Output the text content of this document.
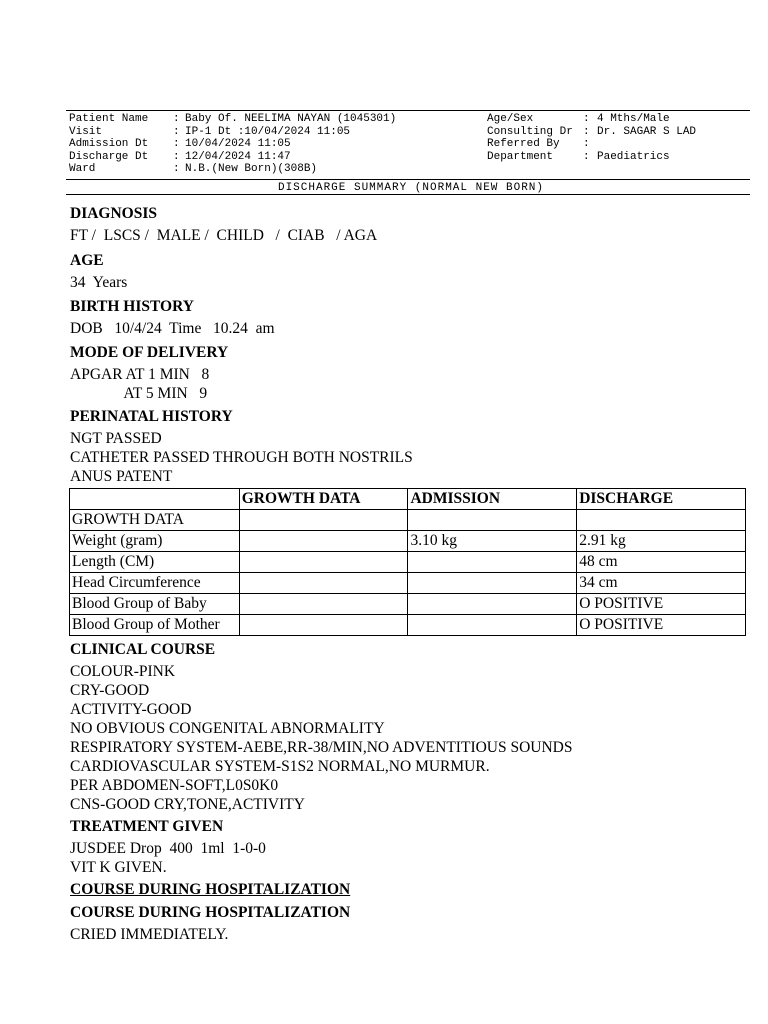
Patient Name	: Baby Of. NEELIMA NAYAN (1045301)	Age/Sex	: 4 Mths/Male
Visit	: IP-1 Dt :10/04/2024 11:05	Consulting Dr : Dr. SAGAR S LAD
Admission Dt	: 10/04/2024 11:05	Referred By	:
Discharge Dt	: 12/04/2024 11:47	Department	: Paediatrics
Ward	: N.B.(New Born)(308B)
DISCHARGE SUMMARY (NORMAL NEW BORN)
DIAGNOSIS
FT /  LSCS /  MALE /  CHILD   /  CIAB   / AGA
AGE
34  Years
BIRTH HISTORY
DOB   10/4/24  Time   10.24  am
MODE OF DELIVERY
APGAR AT 1 MIN   8
AT 5 MIN   9
PERINATAL HISTORY
NGT PASSED
CATHETER PASSED THROUGH BOTH NOSTRILS
ANUS PATENT
	GROWTH DATA	ADMISSION	DISCHARGE
GROWTH DATA			
Weight (gram)		3.10 kg	2.91 kg
Length (CM)			48 cm
Head Circumference			34 cm
Blood Group of Baby			O POSITIVE
Blood Group of Mother			O POSITIVE
CLINICAL COURSE
COLOUR-PINK
CRY-GOOD
ACTIVITY-GOOD
NO OBVIOUS CONGENITAL ABNORMALITY
RESPIRATORY SYSTEM-AEBE,RR-38/MIN,NO ADVENTITIOUS SOUNDS
CARDIOVASCULAR SYSTEM-S1S2 NORMAL,NO MURMUR.
PER ABDOMEN-SOFT,L0S0K0
CNS-GOOD CRY,TONE,ACTIVITY
TREATMENT GIVEN
JUSDEE Drop  400  1ml  1-0-0
VIT K GIVEN.
COURSE DURING HOSPITALIZATION
COURSE DURING HOSPITALIZATION
CRIED IMMEDIATELY.
